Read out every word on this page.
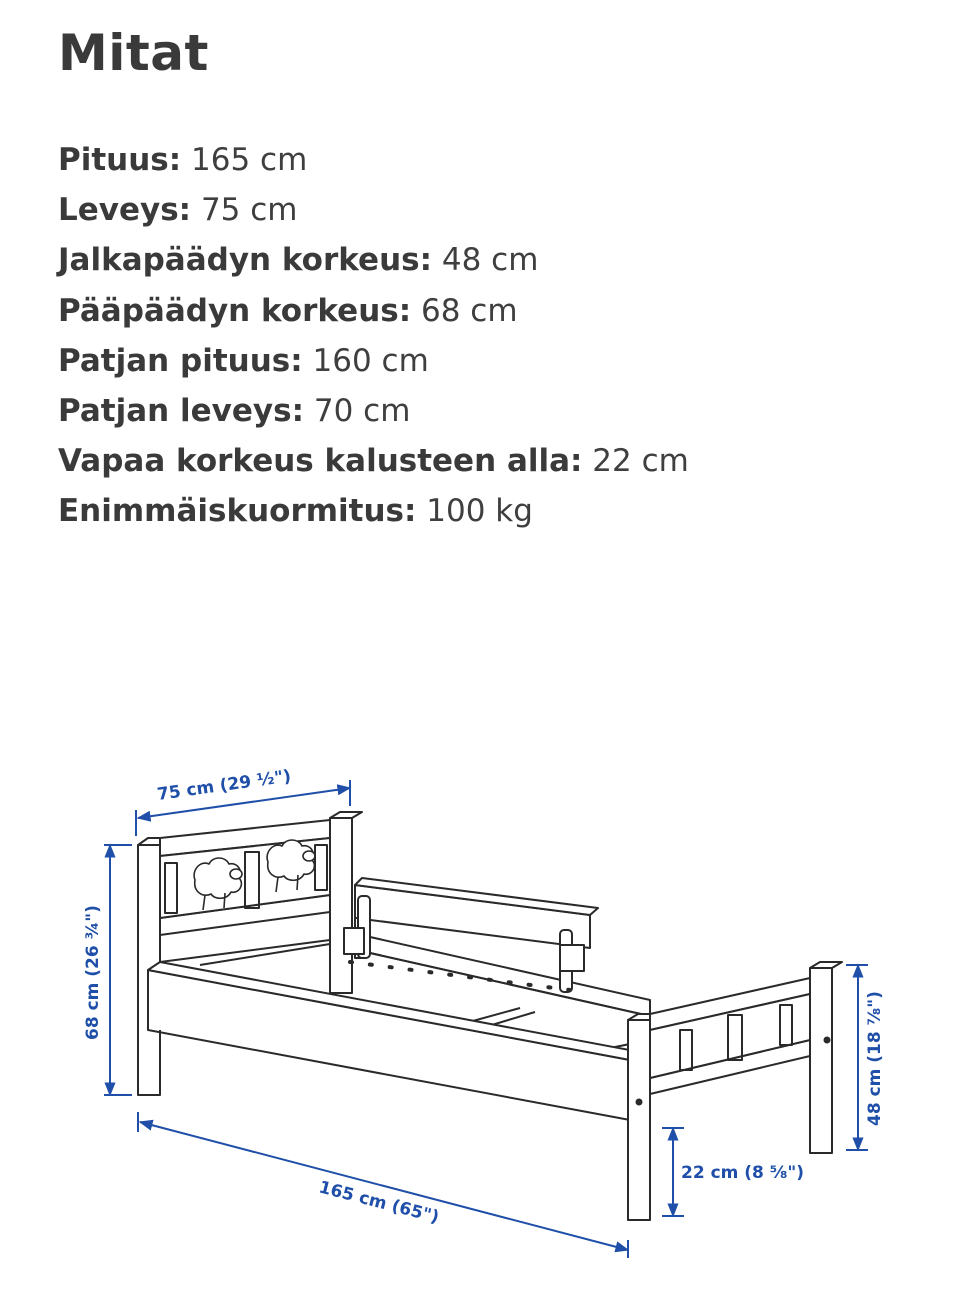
Mitat
Pituus: 165 cm
Leveys: 75 cm
Jalkapäädyn korkeus: 48 cm
Pääpäädyn korkeus: 68 cm
Patjan pituus: 160 cm
Patjan leveys: 70 cm
Vapaa korkeus kalusteen alla: 22 cm
Enimmäiskuormitus: 100 kg
75 cm (29 ½")
68 cm (26 ¾")
165 cm (65")
22 cm (8 ⅝")
48 cm (18 ⅞")
